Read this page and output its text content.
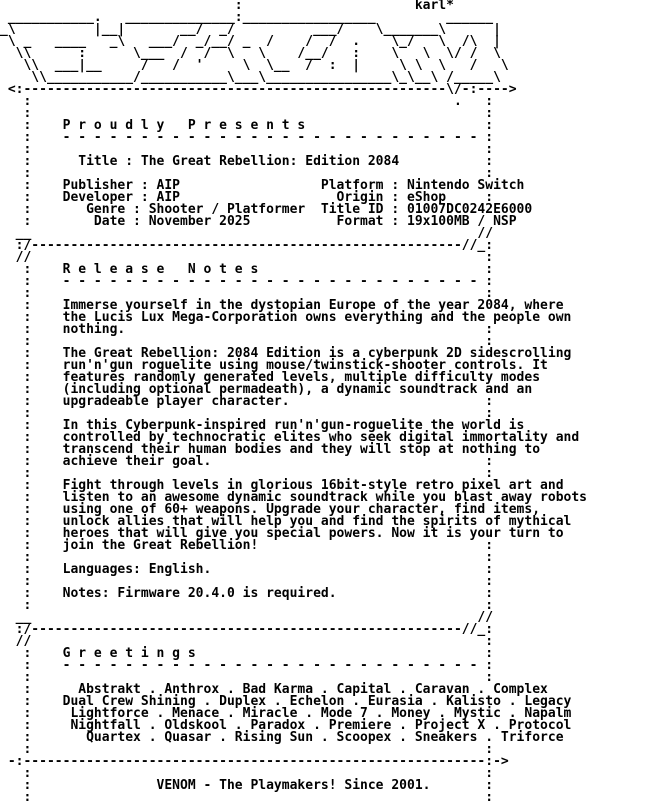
:                      karl*
___________.   ______________:_________________         ______
_\          |__|       __/  _/          ___/    \_______\      |
\ _   ____   _\   ___/  _/__/ _  /    /  /  .    \_/   \  /\  |
\\      :      \___  /  /  \   \    /__/   :    \   \  \/ /  \
\\  ___|__     /   /  '     \  \__  /  :  |     \ \  \   /   \
\\___________/___________\___\________________\_\__\ /_____\
<:------------------------------------------------------\/-:---->
:                                                      .   :
:                                                          :
:    P r o u d l y   P r e s e n t s                       :
:    - - - - - - - - - - - - - - - - - - - - - - - - - - - :
:                                                          :
:      Title : The Great Rebellion: Edition 2084           :
:                                                          :
:    Publisher : AIP                  Platform : Nintendo Switch
:    Developer : AIP                    Origin : eShop     :
:       Genre : Shooter / Platformer  Title ID : 01007DC0242E6000
:        Date : November 2025           Format : 19x100MB / NSP
__                                                         //
:/-------------------------------------------------------//_:
//                                                          :
:    R e l e a s e   N o t e s                             :
:    - - - - - - - - - - - - - - - - - - - - - - - - - - - :
:                                                          :
:    Immerse yourself in the dystopian Europe of the year 2084, where
:    the Lucis Lux Mega-Corporation owns everything and the people own
:    nothing.                                              :
:                                                          :
:    The Great Rebellion: 2084 Edition is a cyberpunk 2D sidescrolling
:    run'n'gun roguelite using mouse/twinstick-shooter controls. It
:    features randomly generated levels, multiple difficulty modes
:    (including optional permadeath), a dynamic soundtrack and an
:    upgradeable player character.                         :
:                                                          :
:    In this Cyberpunk-inspired run'n'gun-roguelite the world is
:    controlled by technocratic elites who seek digital immortality and
:    transcend their human bodies and they will stop at nothing to
:    achieve their goal.                                   :
:                                                          :
:    Fight through levels in glorious 16bit-style retro pixel art and
:    listen to an awesome dynamic soundtrack while you blast away robots
:    using one of 60+ weapons. Upgrade your character, find items,
:    unlock allies that will help you and find the spirits of mythical
:    heroes that will give you special powers. Now it is your turn to
:    join the Great Rebellion!                             :
:                                                          :
:    Languages: English.                                   :
:                                                          :
:    Notes: Firmware 20.4.0 is required.                   :
:                                                          :
__                                                         //
:/-------------------------------------------------------//_:
//                                                          :
:    G r e e t i n g s                                     :
:    - - - - - - - - - - - - - - - - - - - - - - - - - - - :
:                                                          :
:      Abstrakt . Anthrox . Bad Karma . Capital . Caravan . Complex
:    Dual Crew Shining . Duplex . Echelon . Eurasia . Kalisto . Legacy
:     Lightforce . Menace . Miracle . Mode 7 . Money . Mystic . Napalm
:     Nightfall . Oldskool . Paradox . Premiere . Project X . Protocol
:       Quartex . Quasar . Rising Sun . Scoopex . Sneakers . Triforce
:                                                          :
-:-----------------------------------------------------------:->
:                                                          :
:                VENOM - The Playmakers! Since 2001.       :
:                                                          :
